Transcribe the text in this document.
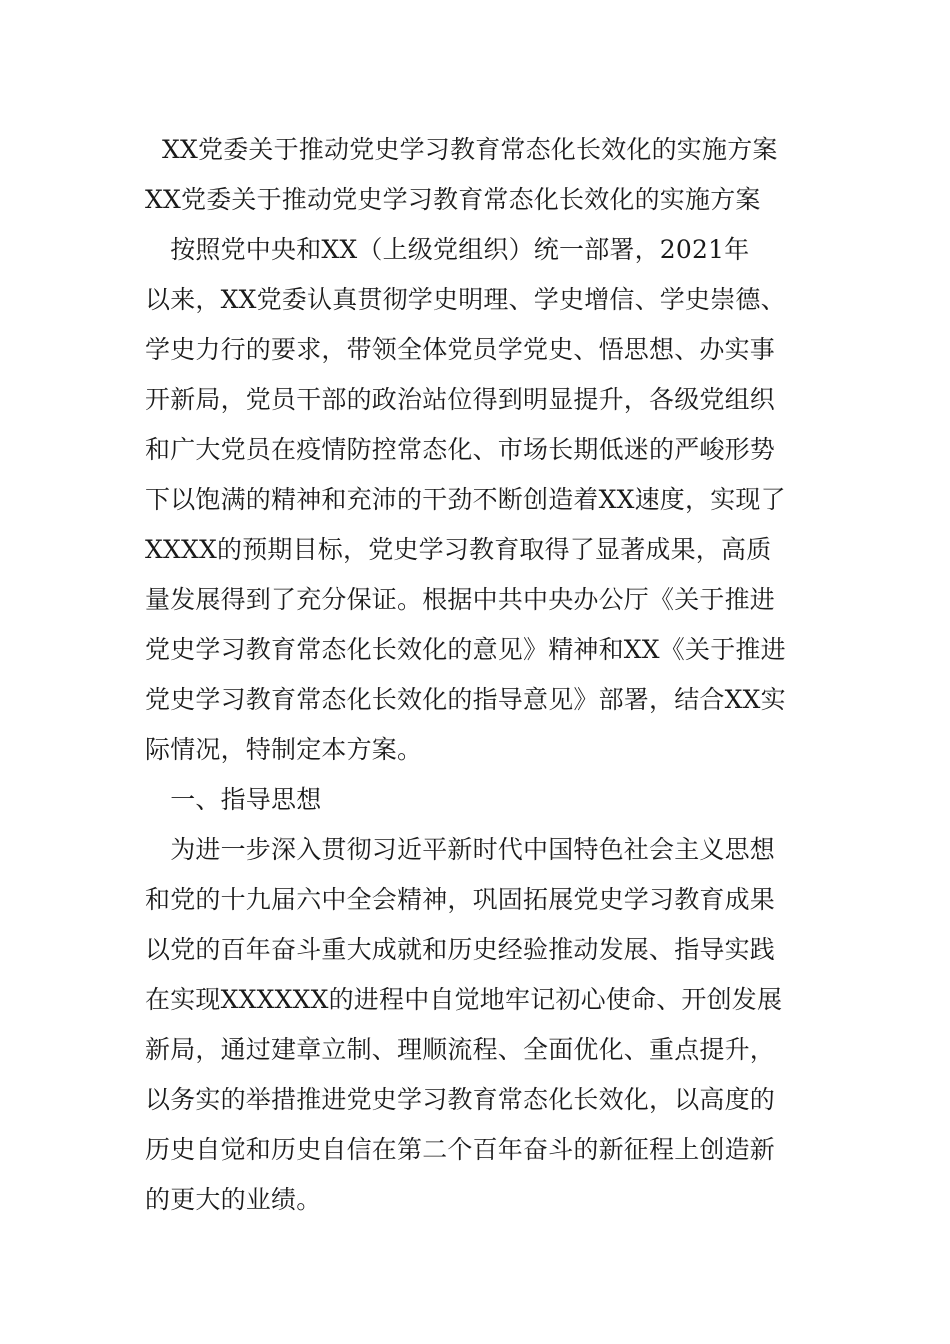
XX党委关于推动党史学习教育常态化长效化的实施方案
XX党委关于推动党史学习教育常态化长效化的实施方案
　按照党中央和XX（上级党组织）统一部署，2021年
以来，XX党委认真贯彻学史明理、学史增信、学史崇德、
学史力行的要求，带领全体党员学党史、悟思想、办实事
开新局，党员干部的政治站位得到明显提升，各级党组织
和广大党员在疫情防控常态化、市场长期低迷的严峻形势
下以饱满的精神和充沛的干劲不断创造着XX速度，实现了
XXXX的预期目标，党史学习教育取得了显著成果，高质
量发展得到了充分保证。根据中共中央办公厅《关于推进
党史学习教育常态化长效化的意见》精神和XX《关于推进
党史学习教育常态化长效化的指导意见》部署，结合XX实
际情况，特制定本方案。
　一、指导思想
　为进一步深入贯彻习近平新时代中国特色社会主义思想
和党的十九届六中全会精神，巩固拓展党史学习教育成果
以党的百年奋斗重大成就和历史经验推动发展、指导实践
在实现XXXXXX的进程中自觉地牢记初心使命、开创发展
新局，通过建章立制、理顺流程、全面优化、重点提升，
以务实的举措推进党史学习教育常态化长效化，以高度的
历史自觉和历史自信在第二个百年奋斗的新征程上创造新
的更大的业绩。
